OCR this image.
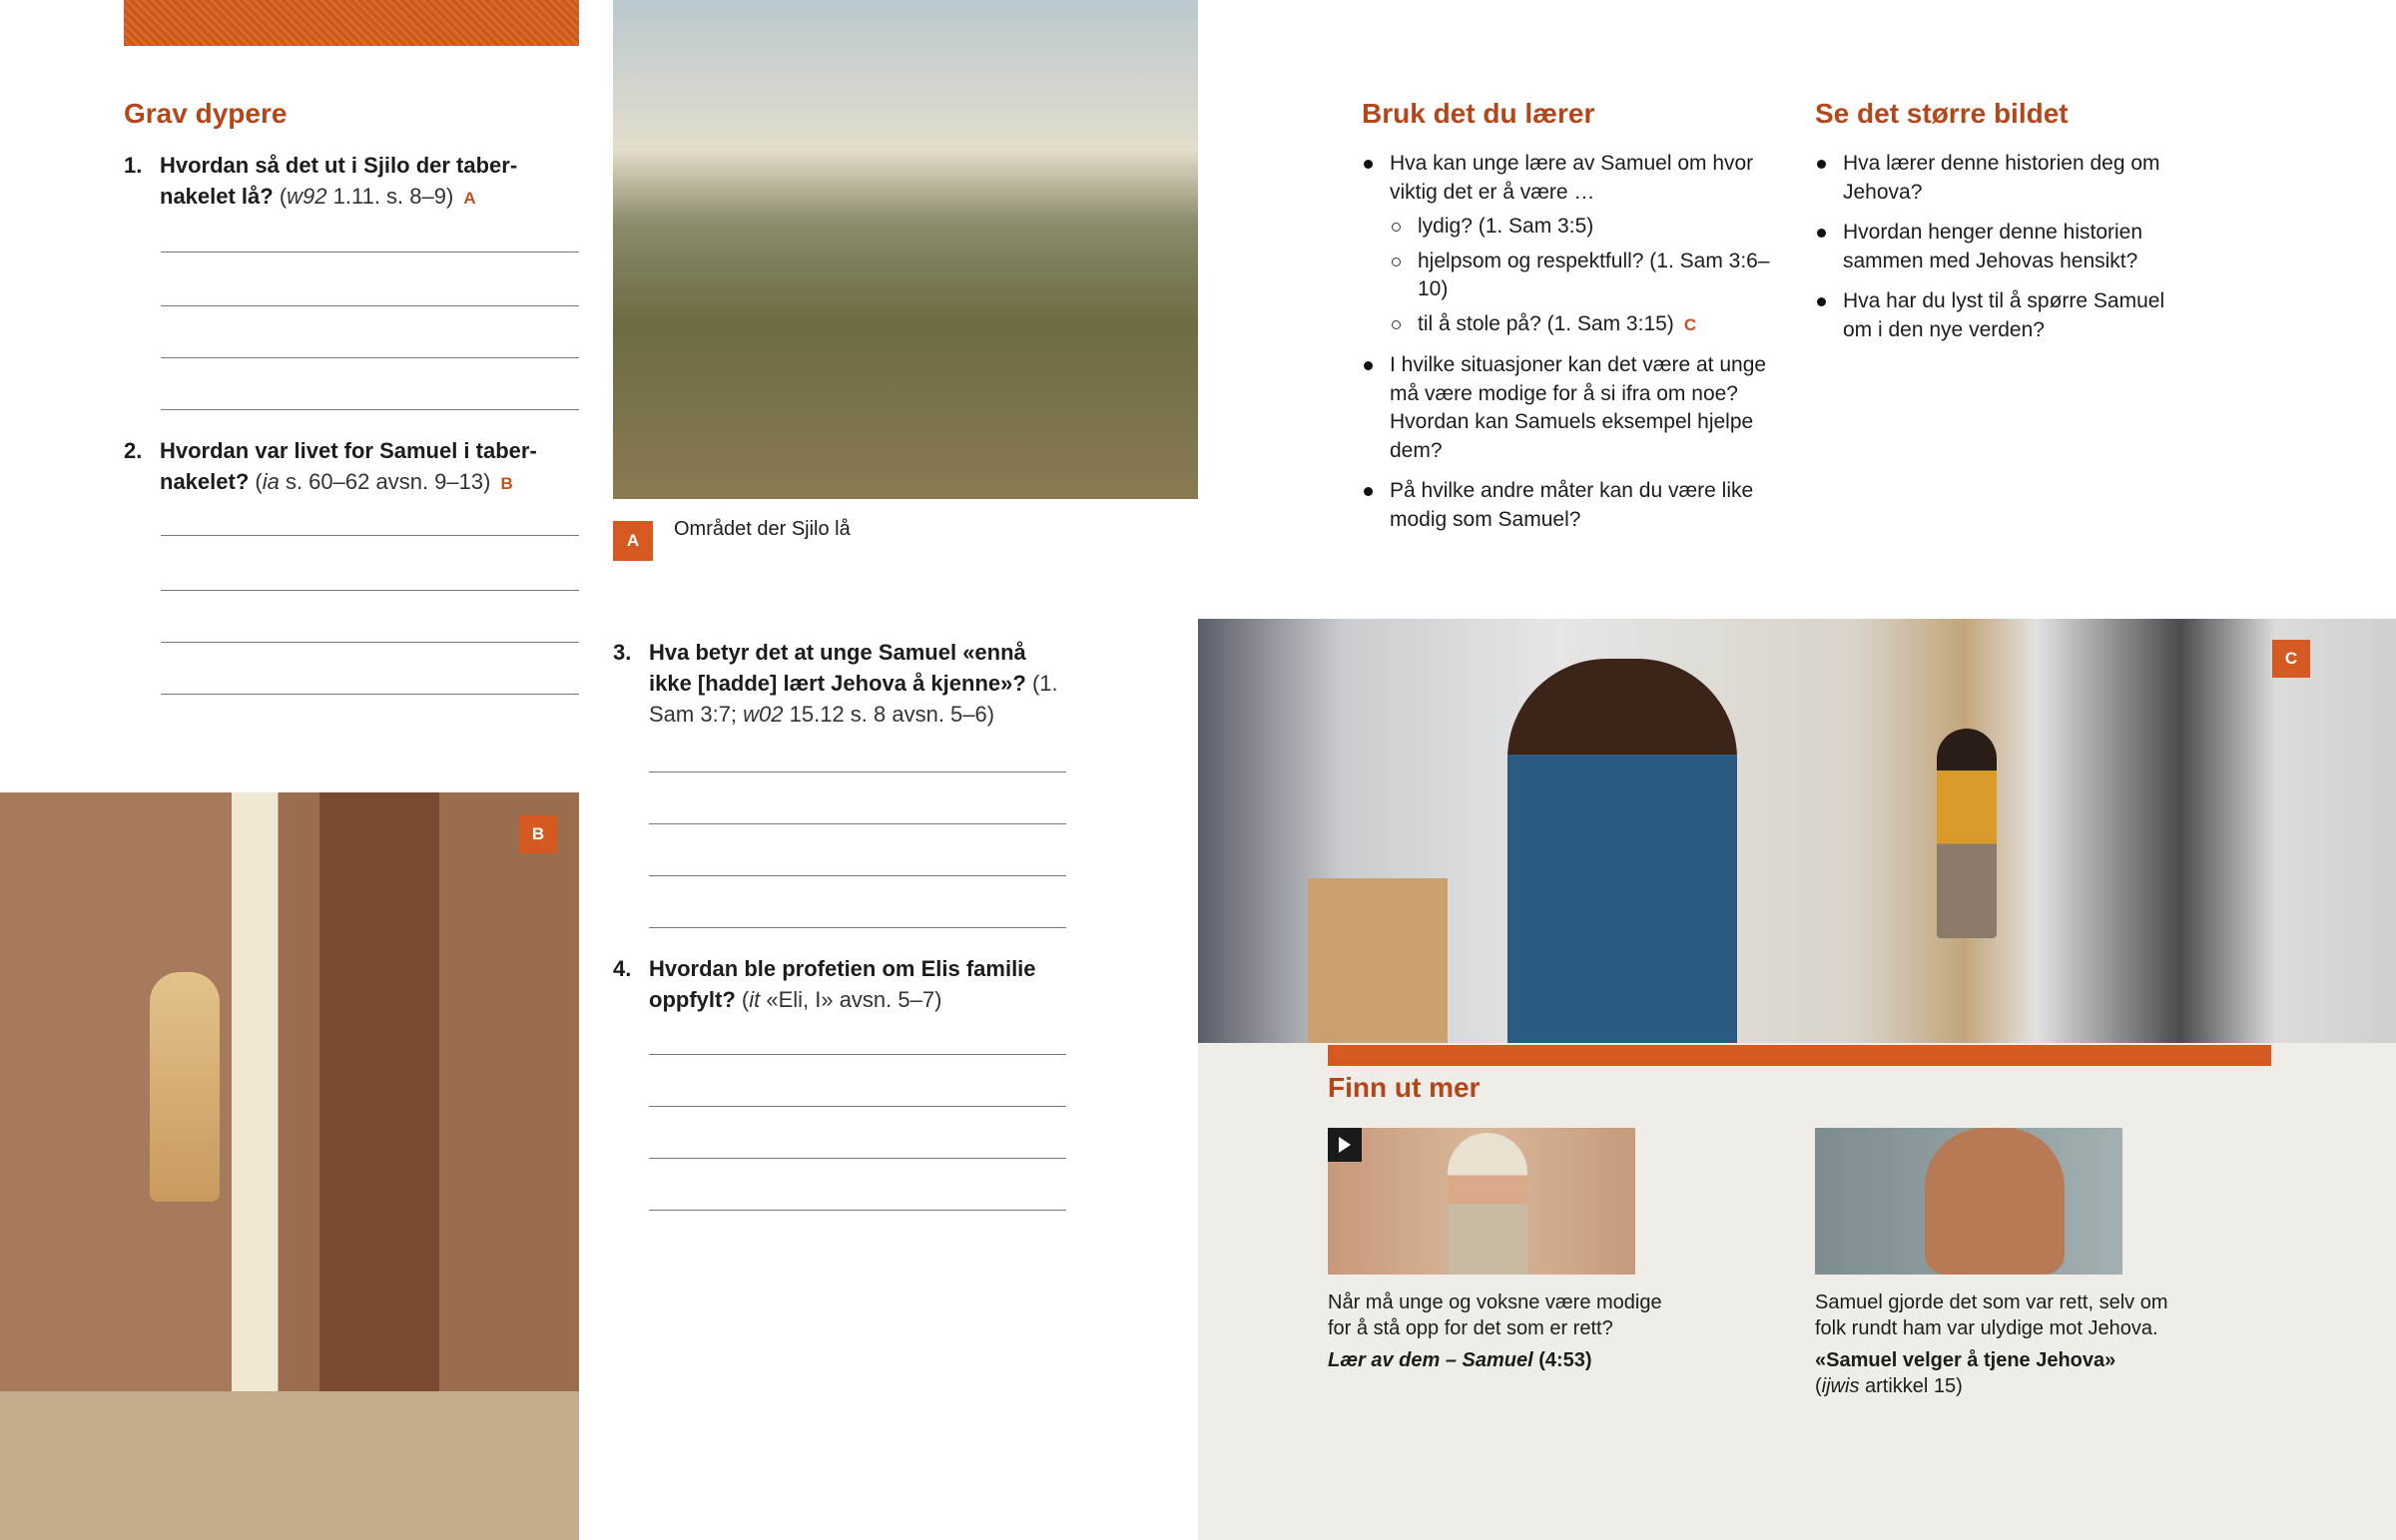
Grav dypere
1. Hvordan så det ut i Sjilo der tabernakelet lå? (w92 1.11. s. 8–9) A
2. Hvordan var livet for Samuel i tabernakelet? (ia s. 60–62 avsn. 9–13) B
B
A
Området der Sjilo lå
3. Hva betyr det at unge Samuel «ennå ikke [hadde] lært Jehova å kjenne»? (1. Sam 3:7; w02 15.12 s. 8 avsn. 5–6)
4. Hvordan ble profetien om Elis familie oppfylt? (it «Eli, I» avsn. 5–7)
Bruk det du lærer
Hva kan unge lære av Samuel om hvor viktig det er å være …
lydig? (1. Sam 3:5)
hjelpsom og respektfull? (1. Sam 3:6–10)
til å stole på? (1. Sam 3:15) C
I hvilke situasjoner kan det være at unge må være modige for å si ifra om noe? Hvordan kan Samuels eksempel hjelpe dem?
På hvilke andre måter kan du være like modig som Samuel?
Se det større bildet
Hva lærer denne historien deg om Jehova?
Hvordan henger denne historien sammen med Jehovas hensikt?
Hva har du lyst til å spørre Samuel om i den nye verden?
C
Finn ut mer
Når må unge og voksne være modige for å stå opp for det som er rett?
Lær av dem – Samuel (4:53)
Samuel gjorde det som var rett, selv om folk rundt ham var ulydige mot Jehova.
«Samuel velger å tjene Jehova»
(ijwis artikkel 15)
